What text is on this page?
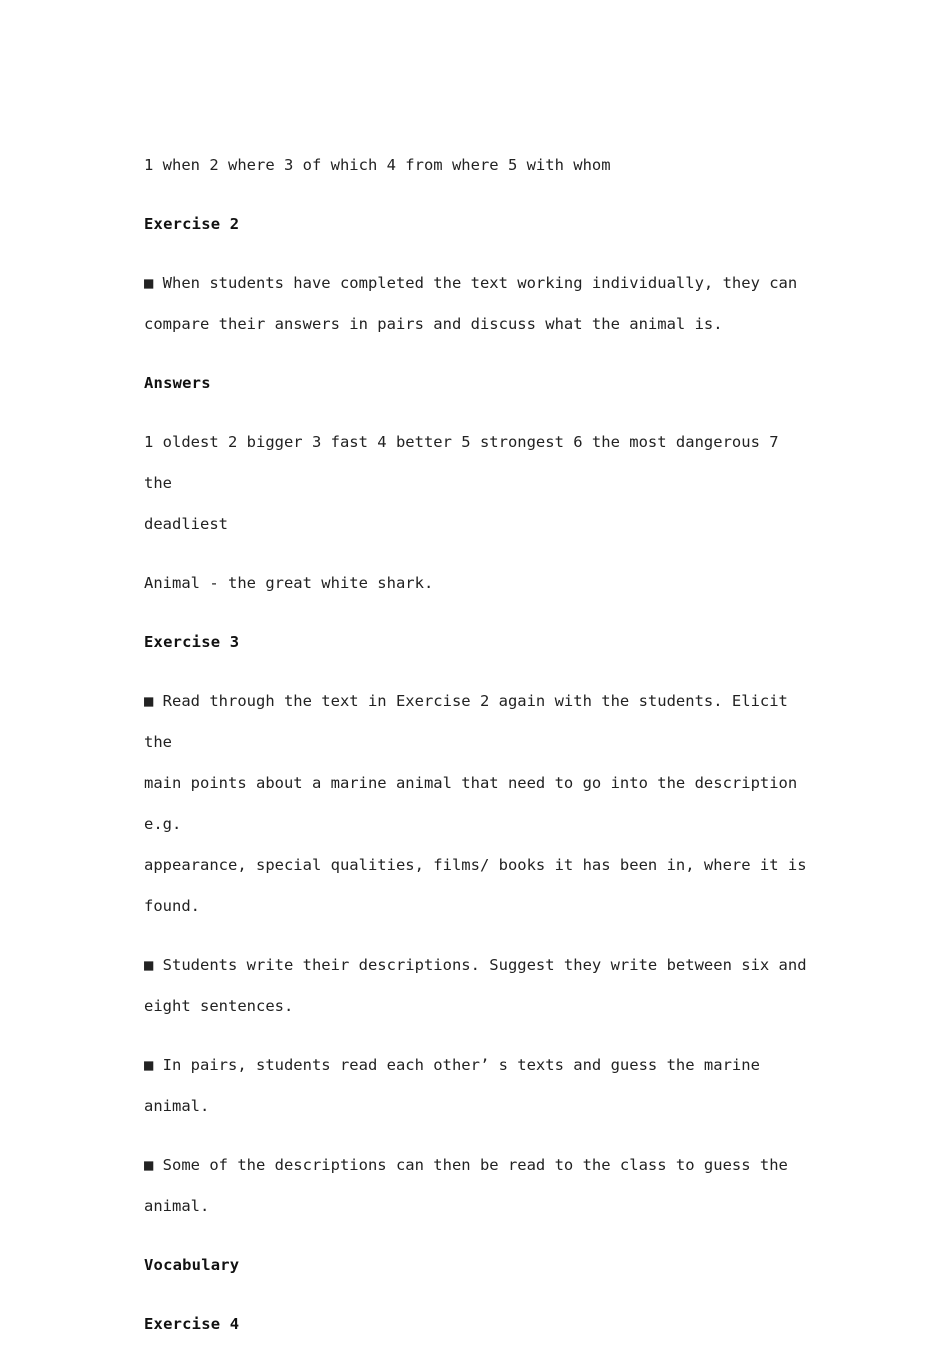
1 when 2 where 3 of which 4 from where 5 with whom

Exercise 2

■ When students have completed the text working individually, they can

compare their answers in pairs and discuss what the animal is.

Answers

1 oldest 2 bigger 3 fast 4 better 5 strongest 6 the most dangerous 7 the

deadliest

Animal - the great white shark.

Exercise 3

■ Read through the text in Exercise 2 again with the students. Elicit the

main points about a marine animal that need to go into the description e.g.

appearance, special qualities, films/ books it has been in, where it is

found.

■ Students write their descriptions. Suggest they write between six and

eight sentences.

■ In pairs, students read each other’ s texts and guess the marine animal.

■ Some of the descriptions can then be read to the class to guess the

animal.

Vocabulary

Exercise 4
